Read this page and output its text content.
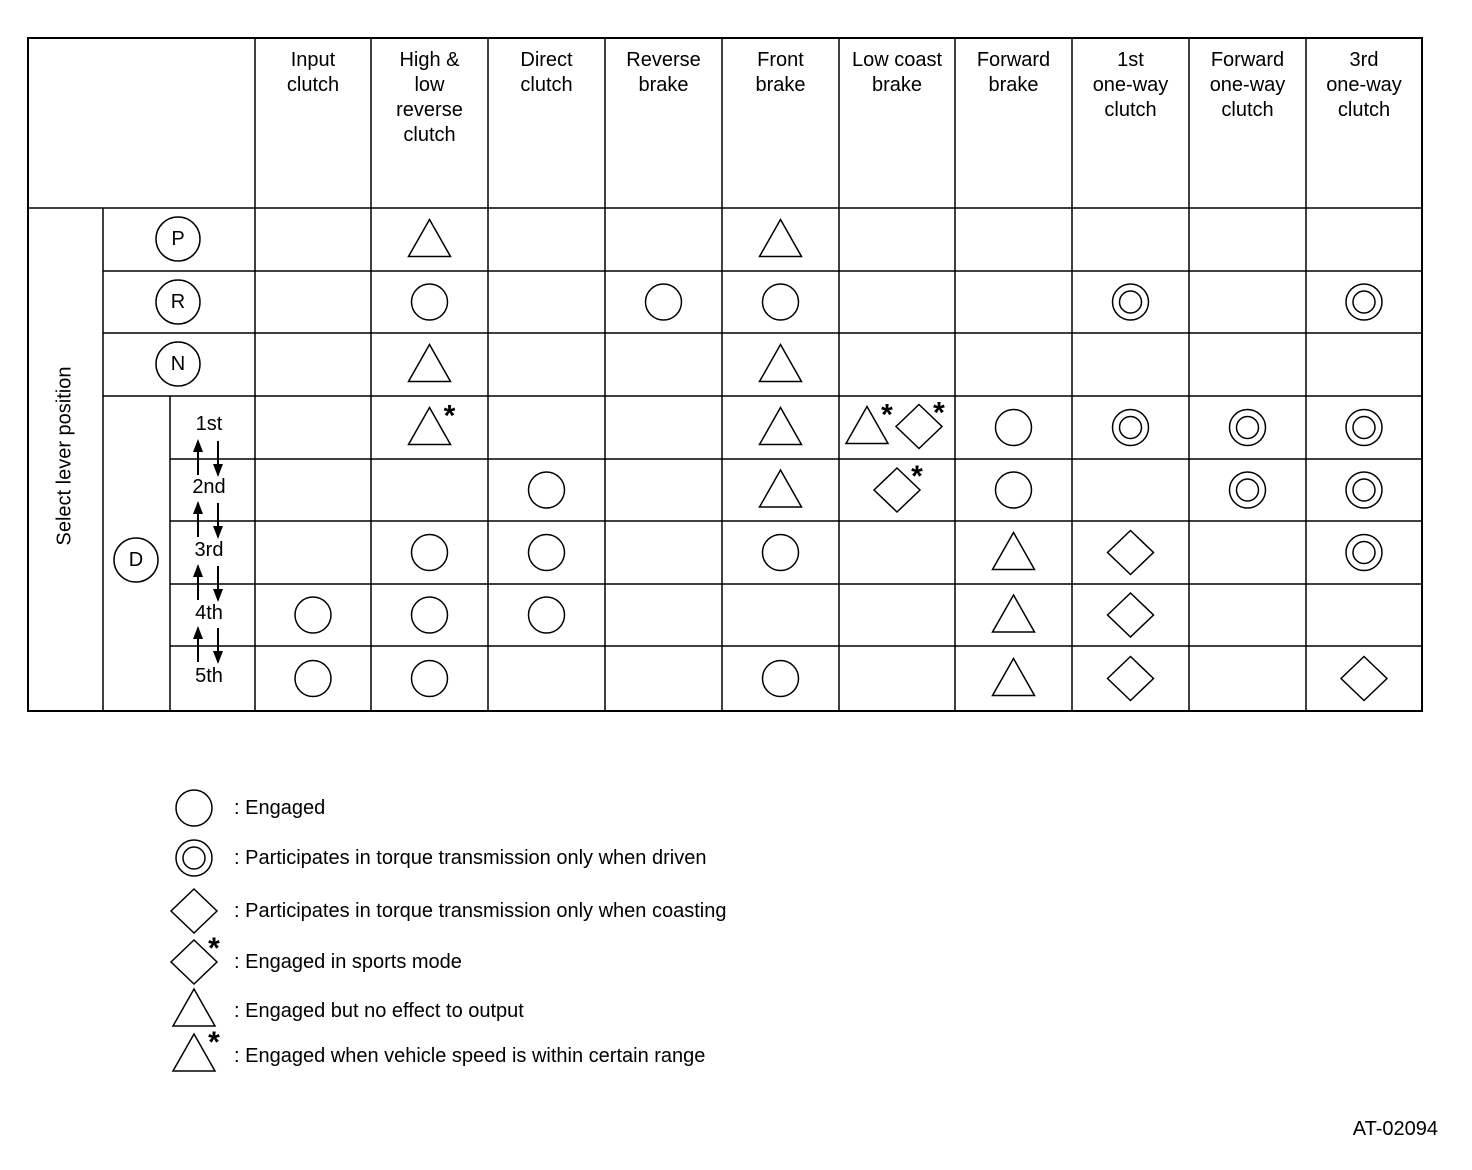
*	* *
*
*
*
Input
clutch
High &
low
reverse
clutch
Direct
clutch
Reverse
brake
Front
brake
Low coast
brake
Forward
brake
1st
one-way
clutch
Forward
one-way
clutch
3rd
one-way
clutch
P
R
N
D
1st
2nd
3rd
4th
5th
Select lever position
: Engaged
: Participates in torque transmission only when driven
: Participates in torque transmission only when coasting
: Engaged in sports mode
: Engaged but no effect to output
: Engaged when vehicle speed is within certain range
AT-02094
